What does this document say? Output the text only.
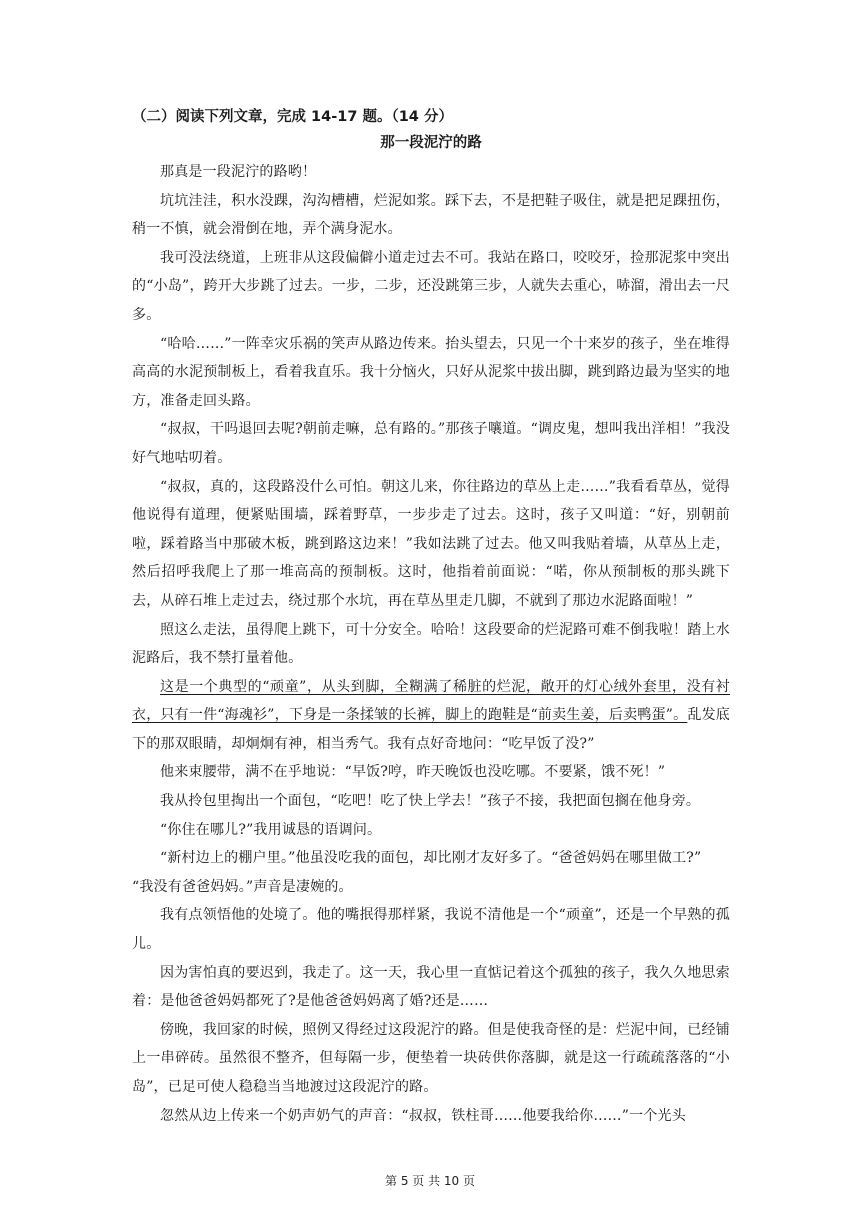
（二）阅读下列文章，完成 14-17 题。（14 分）

那一段泥泞的路

那真是一段泥泞的路哟！

坑坑洼洼，积水没踝，沟沟槽槽，烂泥如浆。踩下去，不是把鞋子吸住，就是把足踝扭伤，稍一不慎，就会滑倒在地，弄个满身泥水。

我可没法绕道，上班非从这段偏僻小道走过去不可。我站在路口，咬咬牙，捡那泥浆中突出的“小岛”，跨开大步跳了过去。一步，二步，还没跳第三步，人就失去重心，哧溜，滑出去一尺多。

“哈哈……”一阵幸灾乐祸的笑声从路边传来。抬头望去，只见一个十来岁的孩子，坐在堆得高高的水泥预制板上，看着我直乐。我十分恼火，只好从泥浆中拔出脚，跳到路边最为坚实的地方，准备走回头路。

“叔叔，干吗退回去呢?朝前走嘛，总有路的。”那孩子嚷道。“调皮鬼，想叫我出洋相！”我没好气地咕叨着。

“叔叔，真的，这段路没什么可怕。朝这儿来，你往路边的草丛上走……”我看看草丛，觉得他说得有道理，便紧贴围墙，踩着野草，一步步走了过去。这时，孩子又叫道：“好，别朝前啦，踩着路当中那破木板，跳到路这边来！”我如法跳了过去。他又叫我贴着墙，从草丛上走，然后招呼我爬上了那一堆高高的预制板。这时，他指着前面说：“喏，你从预制板的那头跳下去，从碎石堆上走过去，绕过那个水坑，再在草丛里走几脚，不就到了那边水泥路面啦！”

照这么走法，虽得爬上跳下，可十分安全。哈哈！这段要命的烂泥路可难不倒我啦！踏上水泥路后，我不禁打量着他。

这是一个典型的“顽童”，从头到脚，全糊满了稀脏的烂泥，敞开的灯心绒外套里，没有衬衣，只有一件“海魂衫”，下身是一条揉皱的长裤，脚上的跑鞋是“前卖生姜，后卖鸭蛋”。乱发底下的那双眼睛，却炯炯有神，相当秀气。我有点好奇地问：“吃早饭了没?”

他来束腰带，满不在乎地说：“早饭?哼，昨天晚饭也没吃哪。不要紧，饿不死！”

我从拎包里掏出一个面包，“吃吧！吃了快上学去！”孩子不接，我把面包搁在他身旁。

“你住在哪儿?”我用诚恳的语调问。

“新村边上的棚户里。”他虽没吃我的面包，却比刚才友好多了。“爸爸妈妈在哪里做工?”

“我没有爸爸妈妈。”声音是凄婉的。

我有点领悟他的处境了。他的嘴抿得那样紧，我说不清他是一个“顽童”，还是一个早熟的孤儿。

因为害怕真的要迟到，我走了。这一天，我心里一直惦记着这个孤独的孩子，我久久地思索着：是他爸爸妈妈都死了?是他爸爸妈妈离了婚?还是……

傍晚，我回家的时候，照例又得经过这段泥泞的路。但是使我奇怪的是：烂泥中间，已经铺上一串碎砖。虽然很不整齐，但每隔一步，便垫着一块砖供你落脚，就是这一行疏疏落落的“小岛”，已足可使人稳稳当当地渡过这段泥泞的路。

忽然从边上传来一个奶声奶气的声音：“叔叔，铁柱哥……他要我给你……”一个光头

第 5 页 共 10 页
